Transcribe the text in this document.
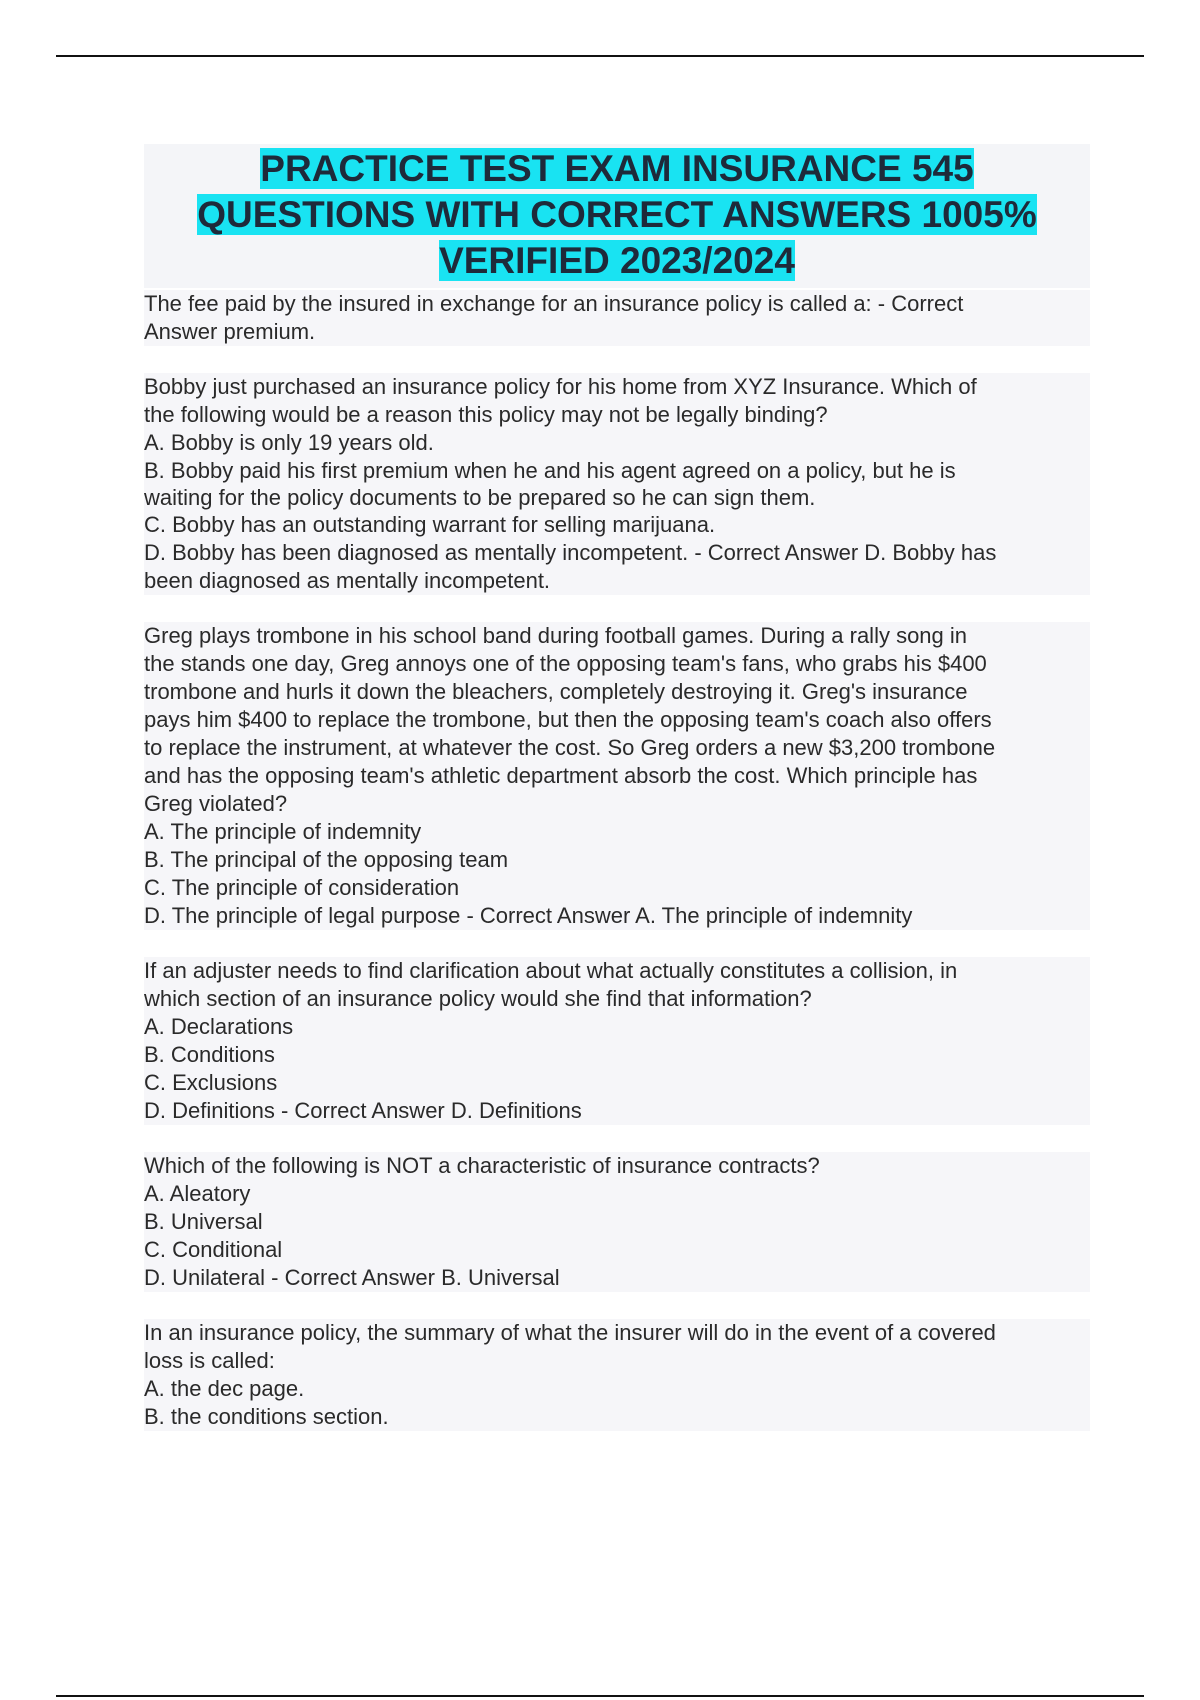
PRACTICE TEST EXAM INSURANCE 545
QUESTIONS WITH CORRECT ANSWERS 1005%
VERIFIED 2023/2024

The fee paid by the insured in exchange for an insurance policy is called a: - Correct

Answer premium.

Bobby just purchased an insurance policy for his home from XYZ Insurance. Which of

the following would be a reason this policy may not be legally binding?

A. Bobby is only 19 years old.

B. Bobby paid his first premium when he and his agent agreed on a policy, but he is

waiting for the policy documents to be prepared so he can sign them.

C. Bobby has an outstanding warrant for selling marijuana.

D. Bobby has been diagnosed as mentally incompetent. - Correct Answer D. Bobby has

been diagnosed as mentally incompetent.

Greg plays trombone in his school band during football games. During a rally song in

the stands one day, Greg annoys one of the opposing team's fans, who grabs his $400

trombone and hurls it down the bleachers, completely destroying it. Greg's insurance

pays him $400 to replace the trombone, but then the opposing team's coach also offers

to replace the instrument, at whatever the cost. So Greg orders a new $3,200 trombone

and has the opposing team's athletic department absorb the cost. Which principle has

Greg violated?

A. The principle of indemnity

B. The principal of the opposing team

C. The principle of consideration

D. The principle of legal purpose - Correct Answer A. The principle of indemnity

If an adjuster needs to find clarification about what actually constitutes a collision, in

which section of an insurance policy would she find that information?

A. Declarations

B. Conditions

C. Exclusions

D. Definitions - Correct Answer D. Definitions

Which of the following is NOT a characteristic of insurance contracts?

A. Aleatory

B. Universal

C. Conditional

D. Unilateral - Correct Answer B. Universal

In an insurance policy, the summary of what the insurer will do in the event of a covered

loss is called:

A. the dec page.

B. the conditions section.
